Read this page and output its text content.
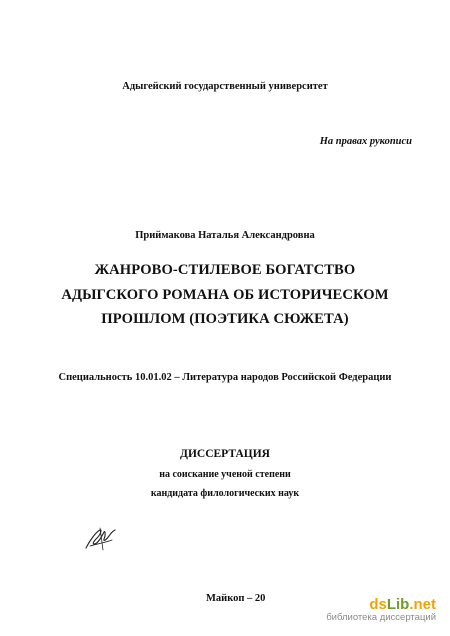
Адыгейский государственный университет
На правах рукописи
Приймакова Наталья Александровна
ЖАНРОВО-СТИЛЕВОЕ БОГАТСТВО
АДЫГСКОГО РОМАНА ОБ ИСТОРИЧЕСКОМ
ПРОШЛОМ (ПОЭТИКА СЮЖЕТА)
Специальность 10.01.02 – Литература народов Российской Федерации
ДИССЕРТАЦИЯ
на соискание ученой степени
кандидата филологических наук
Майкоп – 20	dsLib.net
библиотека диссертаций
